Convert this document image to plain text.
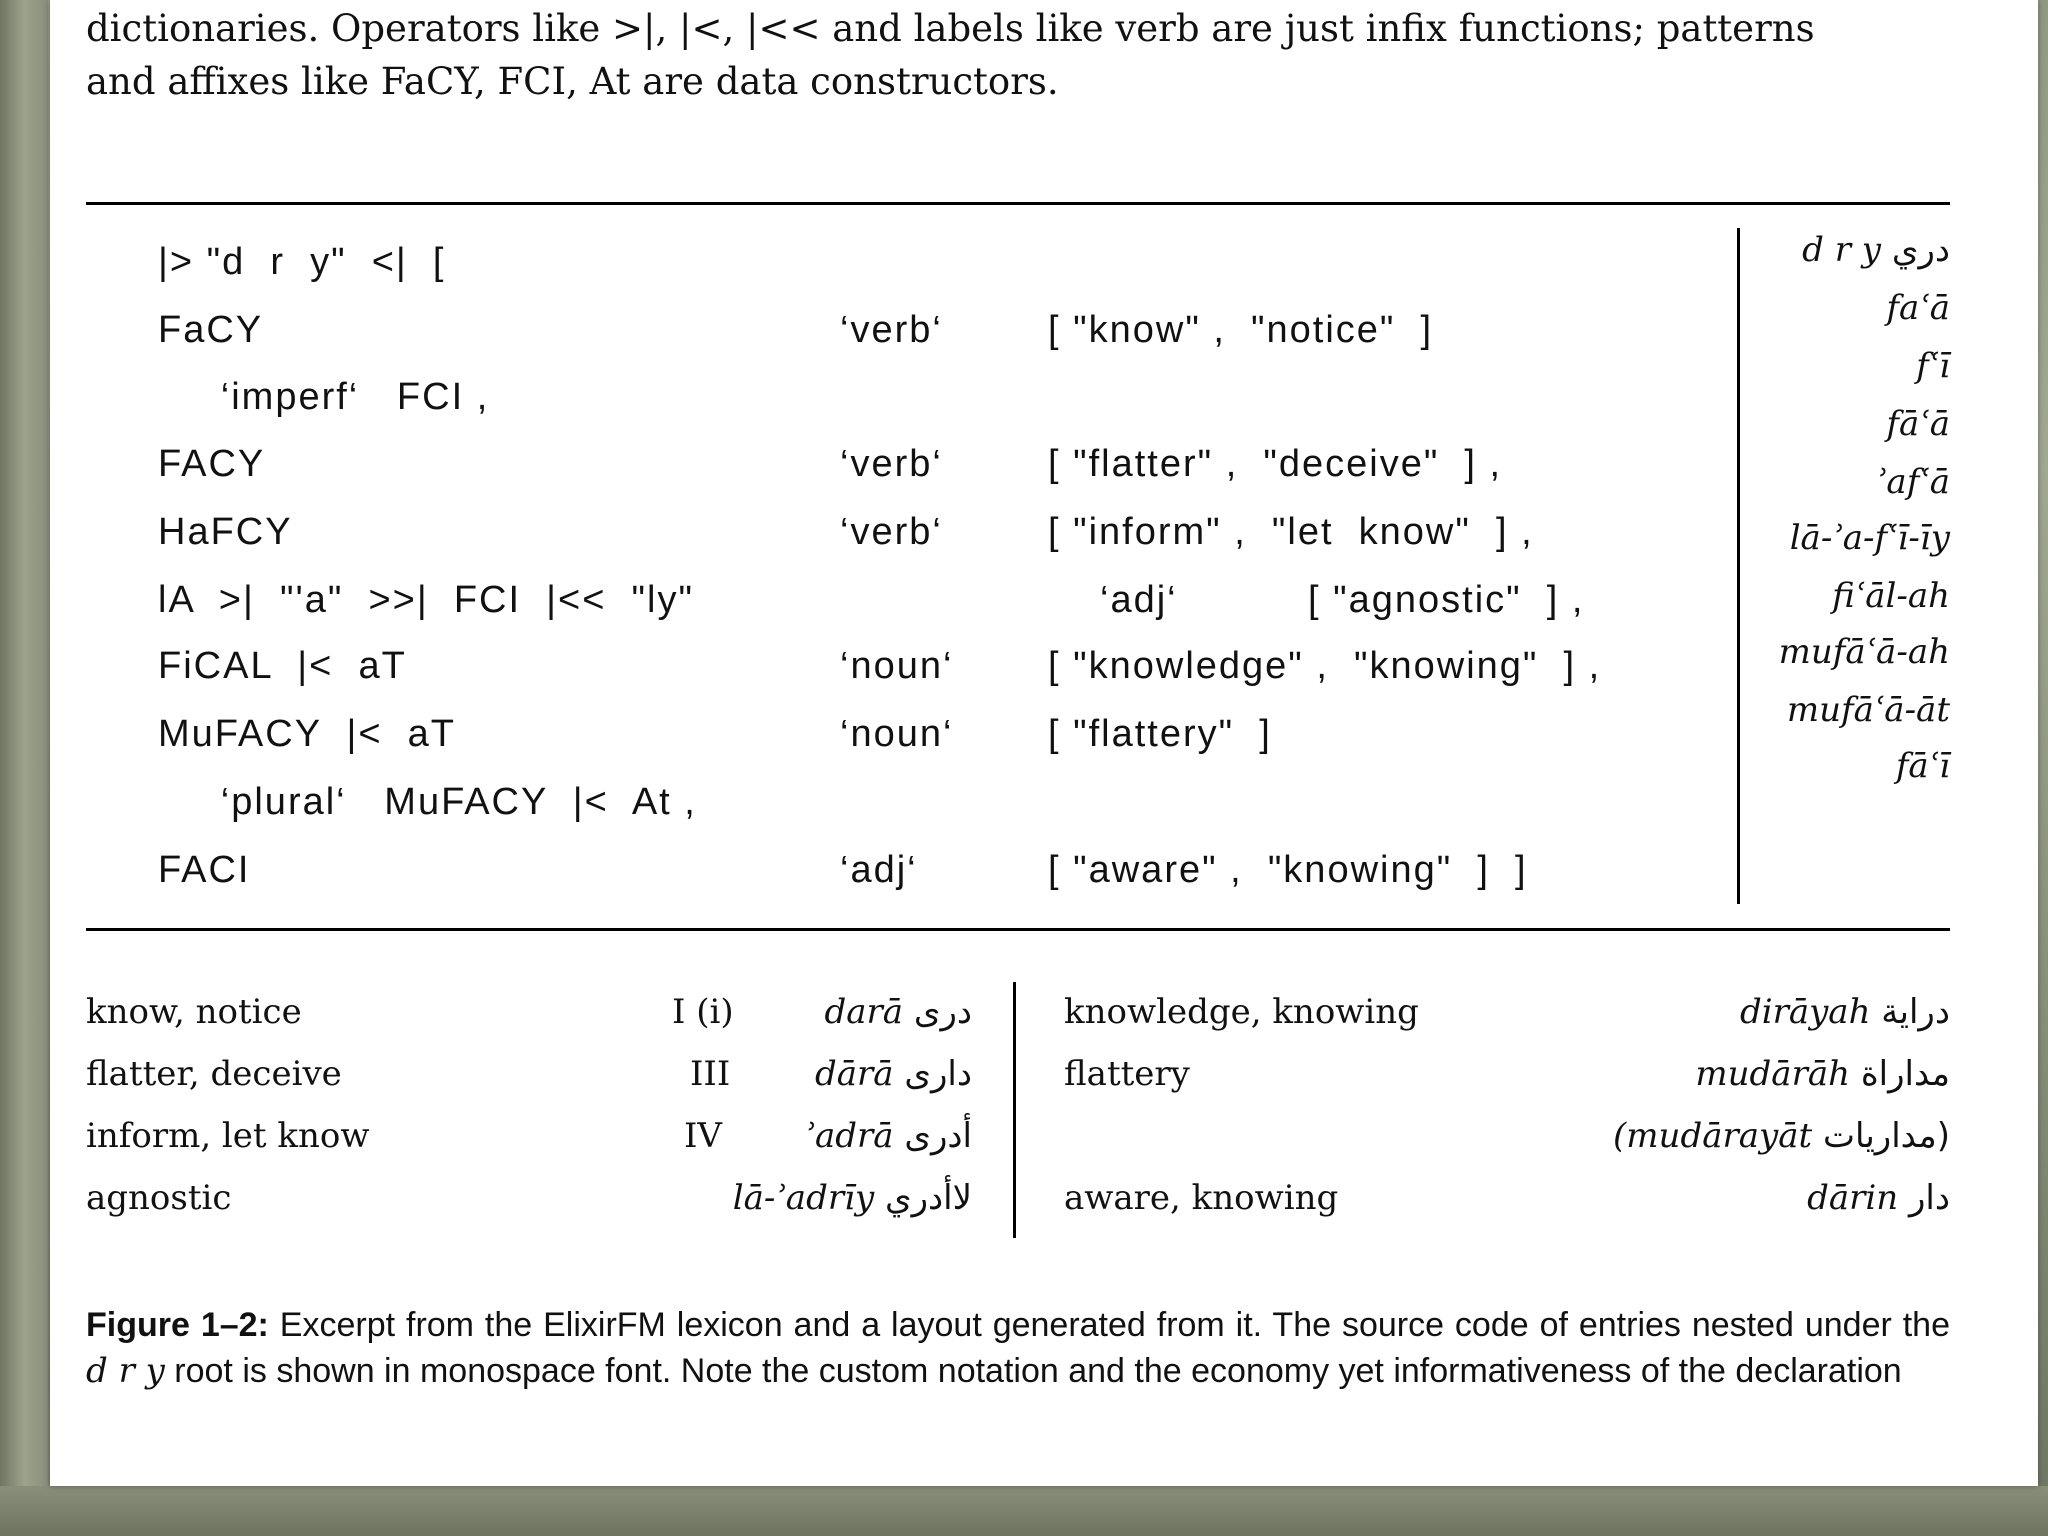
dictionaries. Operators like >|, |<, |<< and labels like verb are just infix functions; patterns
and affixes like FaCY, FCI, At are data constructors.
|> "d  r  y"  <|  [
FaCY	‘verb‘	[ "know" ,  "notice"  ]
‘imperf‘   FCI ,
FACY	‘verb‘	[ "flatter" ,  "deceive"  ] ,
HaFCY	‘verb‘	[ "inform" ,  "let  know"  ] ,
lA  >|  "'a"  >>|  FCI  |<<  "ly"	‘adj‘	[ "agnostic"  ] ,
FiCAL  |<  aT	‘noun‘ [ "knowledge" ,  "knowing"  ] ,
MuFACY  |<  aT	‘noun‘ [ "flattery"  ]
‘plural‘   MuFACY  |<  At ,
FACI	‘adj‘	[ "aware" ,  "knowing"  ]  ]
d r y دري
faʿā
fʿī
fāʿā
ʾafʿā
lā-ʾa-fʿī-īy
fiʿāl-ah
mufāʿā-ah
mufāʿā-āt
fāʿī
know, notice	I (i)	darā درى
flatter, deceive	III dārā دارى
inform, let know	IV ʾadrā أدرى
agnostic	lā-ʾadrīy لاأدري
knowledge, knowing	dirāyah دراية
flattery	mudārāh مداراة
(mudārayāt مداريات)
aware, knowing	dārin دار
Figure 1–2: Excerpt from the ElixirFM lexicon and a layout generated from it. The source code of entries nested under the d r y root is shown in monospace font. Note the custom notation and the economy yet informativeness of the declaration
